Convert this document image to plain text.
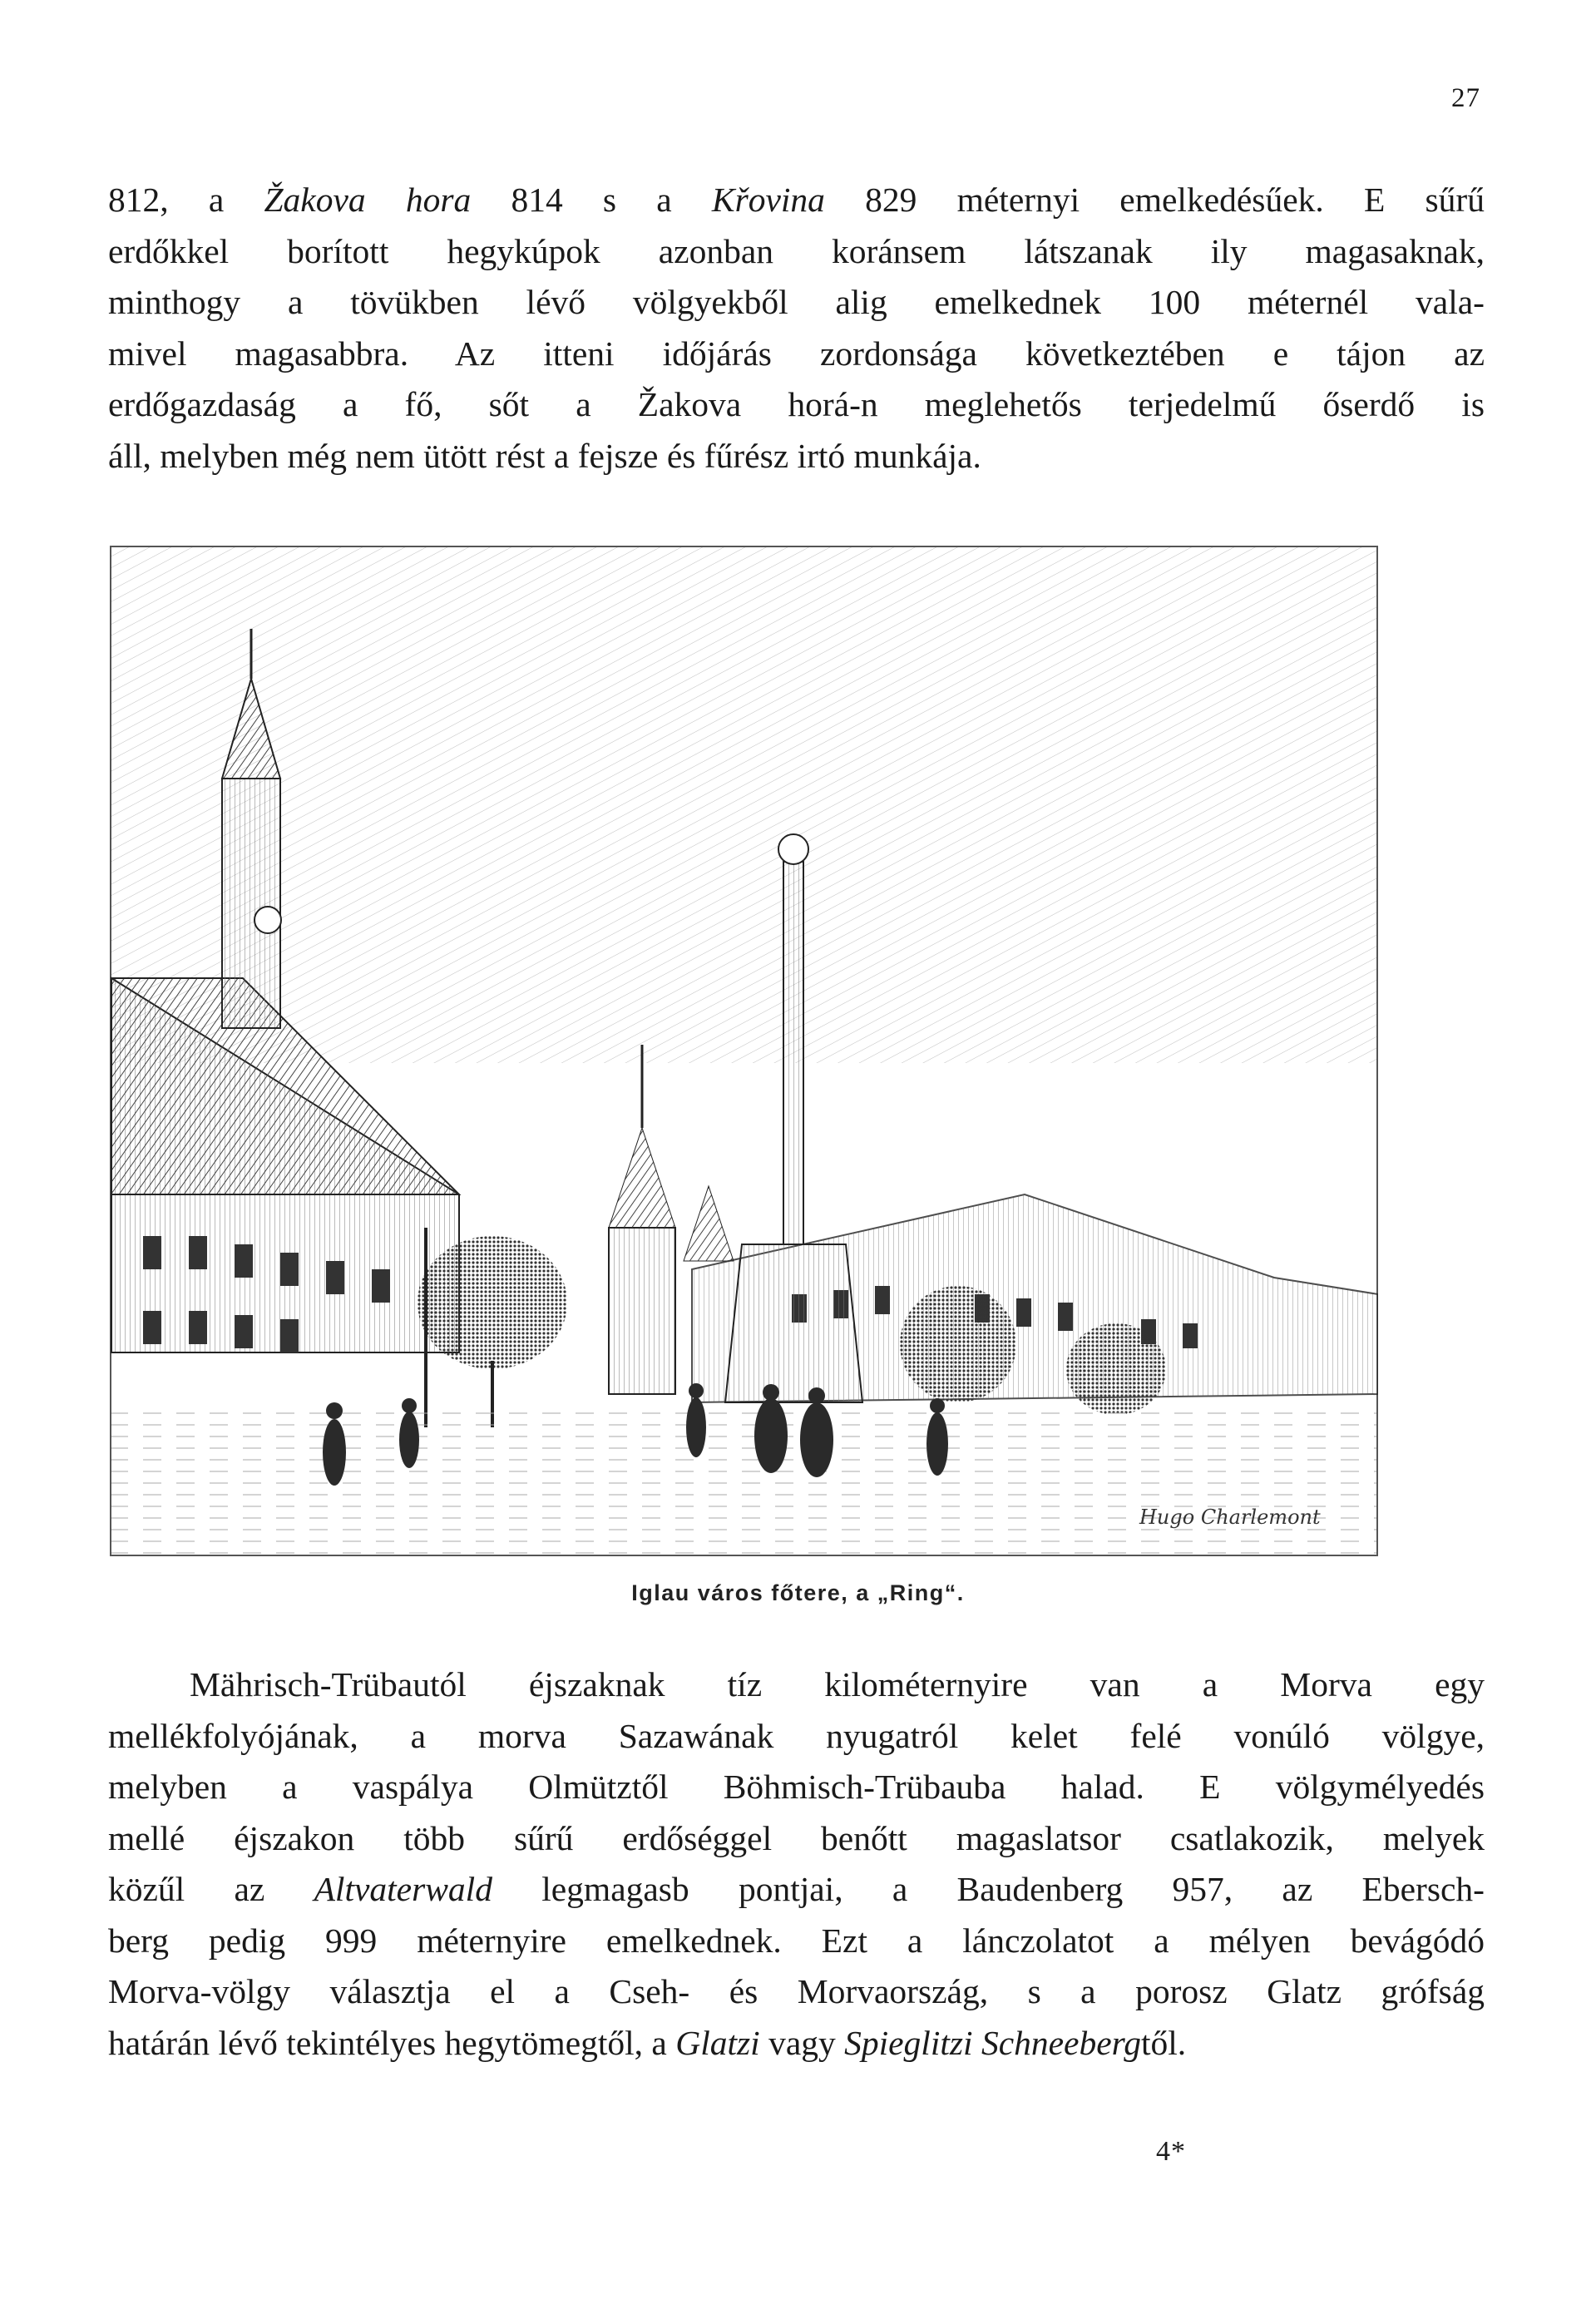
27
812, a Žakova hora 814 s a Křovina 829 méternyi emelkedésűek. E sűrű
erdőkkel borított hegykúpok azonban koránsem látszanak ily magasaknak,
minthogy a tövükben lévő völgyekből alig emelkednek 100 méternél vala-
mivel magasabbra. Az itteni időjárás zordonsága következtében e tájon az
erdőgazdaság a fő, sőt a Žakova horá-n meglehetős terjedelmű őserdő is
áll, melyben még nem ütött rést a fejsze és fűrész irtó munkája.
Hugo Charlemont
Iglau város főtere, a „Ring“.
Mährisch-Trübautól éjszaknak tíz kilométernyire van a Morva egy
mellékfolyójának, a morva Sazawának nyugatról kelet felé vonúló völgye,
melyben a vaspálya Olmütztől Böhmisch-Trübauba halad. E völgymélyedés
mellé éjszakon több sűrű erdőséggel benőtt magaslatsor csatlakozik, melyek
közűl az Altvaterwald legmagasb pontjai, a Baudenberg 957, az Ebersch-
berg pedig 999 méternyire emelkednek. Ezt a lánczolatot a mélyen bevágódó
Morva-völgy választja el a Cseh- és Morvaország, s a porosz Glatz grófság
határán lévő tekintélyes hegytömegtől, a Glatzi vagy Spieglitzi Schneebergtől.
4*
